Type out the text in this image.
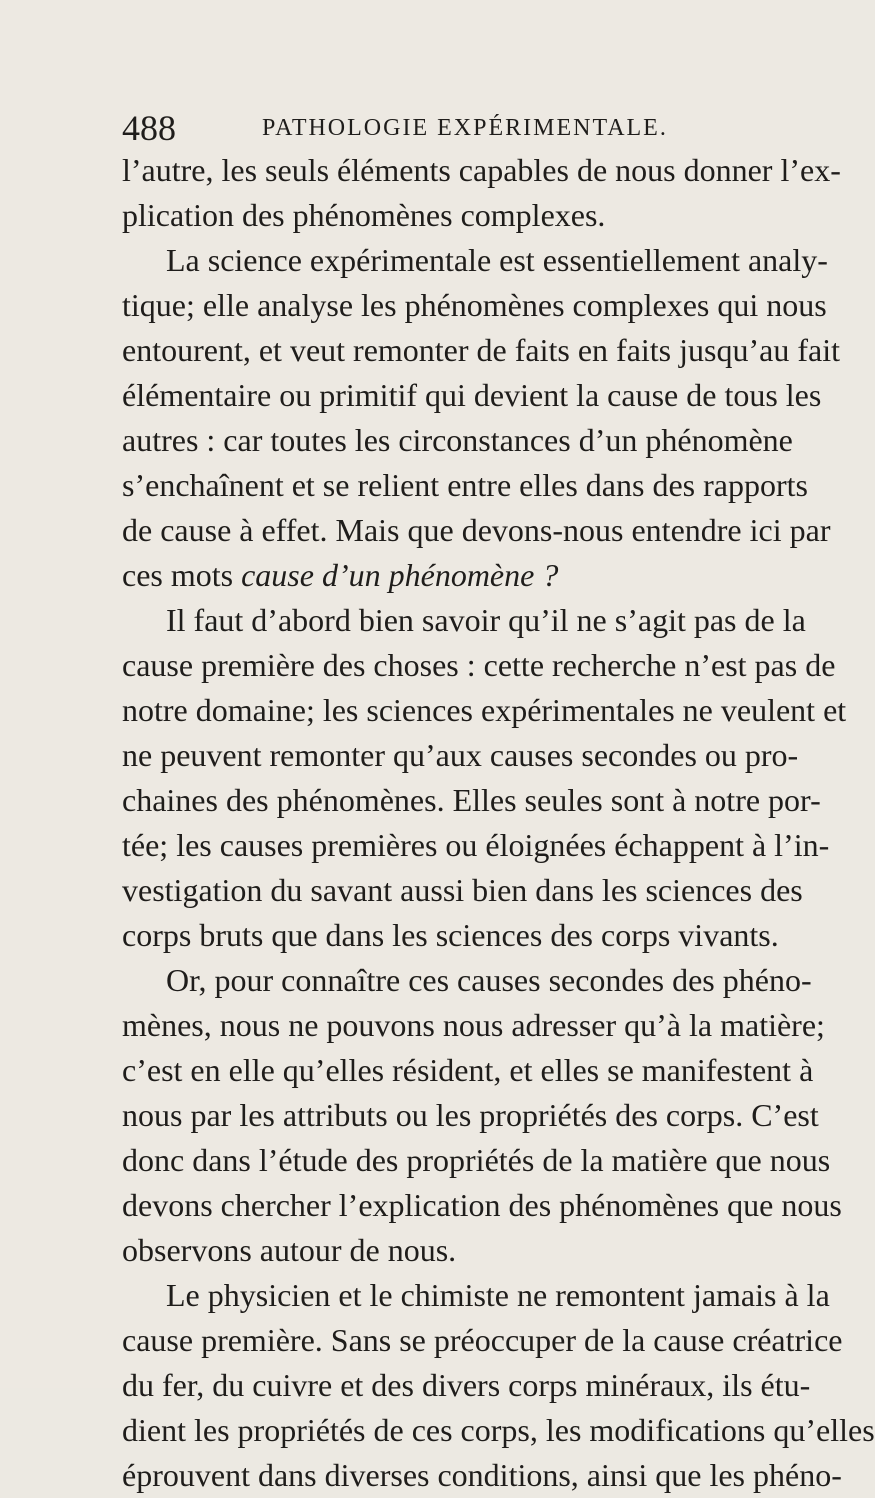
488	PATHOLOGIE EXPÉRIMENTALE.
l’autre, les seuls éléments capables de nous donner l’ex-
plication des phénomènes complexes.
La science expérimentale est essentiellement analy-
tique; elle analyse les phénomènes complexes qui nous
entourent, et veut remonter de faits en faits jusqu’au fait
élémentaire ou primitif qui devient la cause de tous les
autres : car toutes les circonstances d’un phénomène
s’enchaînent et se relient entre elles dans des rapports
de cause à effet. Mais que devons-nous entendre ici par
ces mots cause d’un phénomène ?
Il faut d’abord bien savoir qu’il ne s’agit pas de la
cause première des choses : cette recherche n’est pas de
notre domaine; les sciences expérimentales ne veulent et
ne peuvent remonter qu’aux causes secondes ou pro-
chaines des phénomènes. Elles seules sont à notre por-
tée; les causes premières ou éloignées échappent à l’in-
vestigation du savant aussi bien dans les sciences des
corps bruts que dans les sciences des corps vivants.
Or, pour connaître ces causes secondes des phéno-
mènes, nous ne pouvons nous adresser qu’à la matière;
c’est en elle qu’elles résident, et elles se manifestent à
nous par les attributs ou les propriétés des corps. C’est
donc dans l’étude des propriétés de la matière que nous
devons chercher l’explication des phénomènes que nous
observons autour de nous.
Le physicien et le chimiste ne remontent jamais à la
cause première. Sans se préoccuper de la cause créatrice
du fer, du cuivre et des divers corps minéraux, ils étu-
dient les propriétés de ces corps, les modifications qu’elles
éprouvent dans diverses conditions, ainsi que les phéno-
